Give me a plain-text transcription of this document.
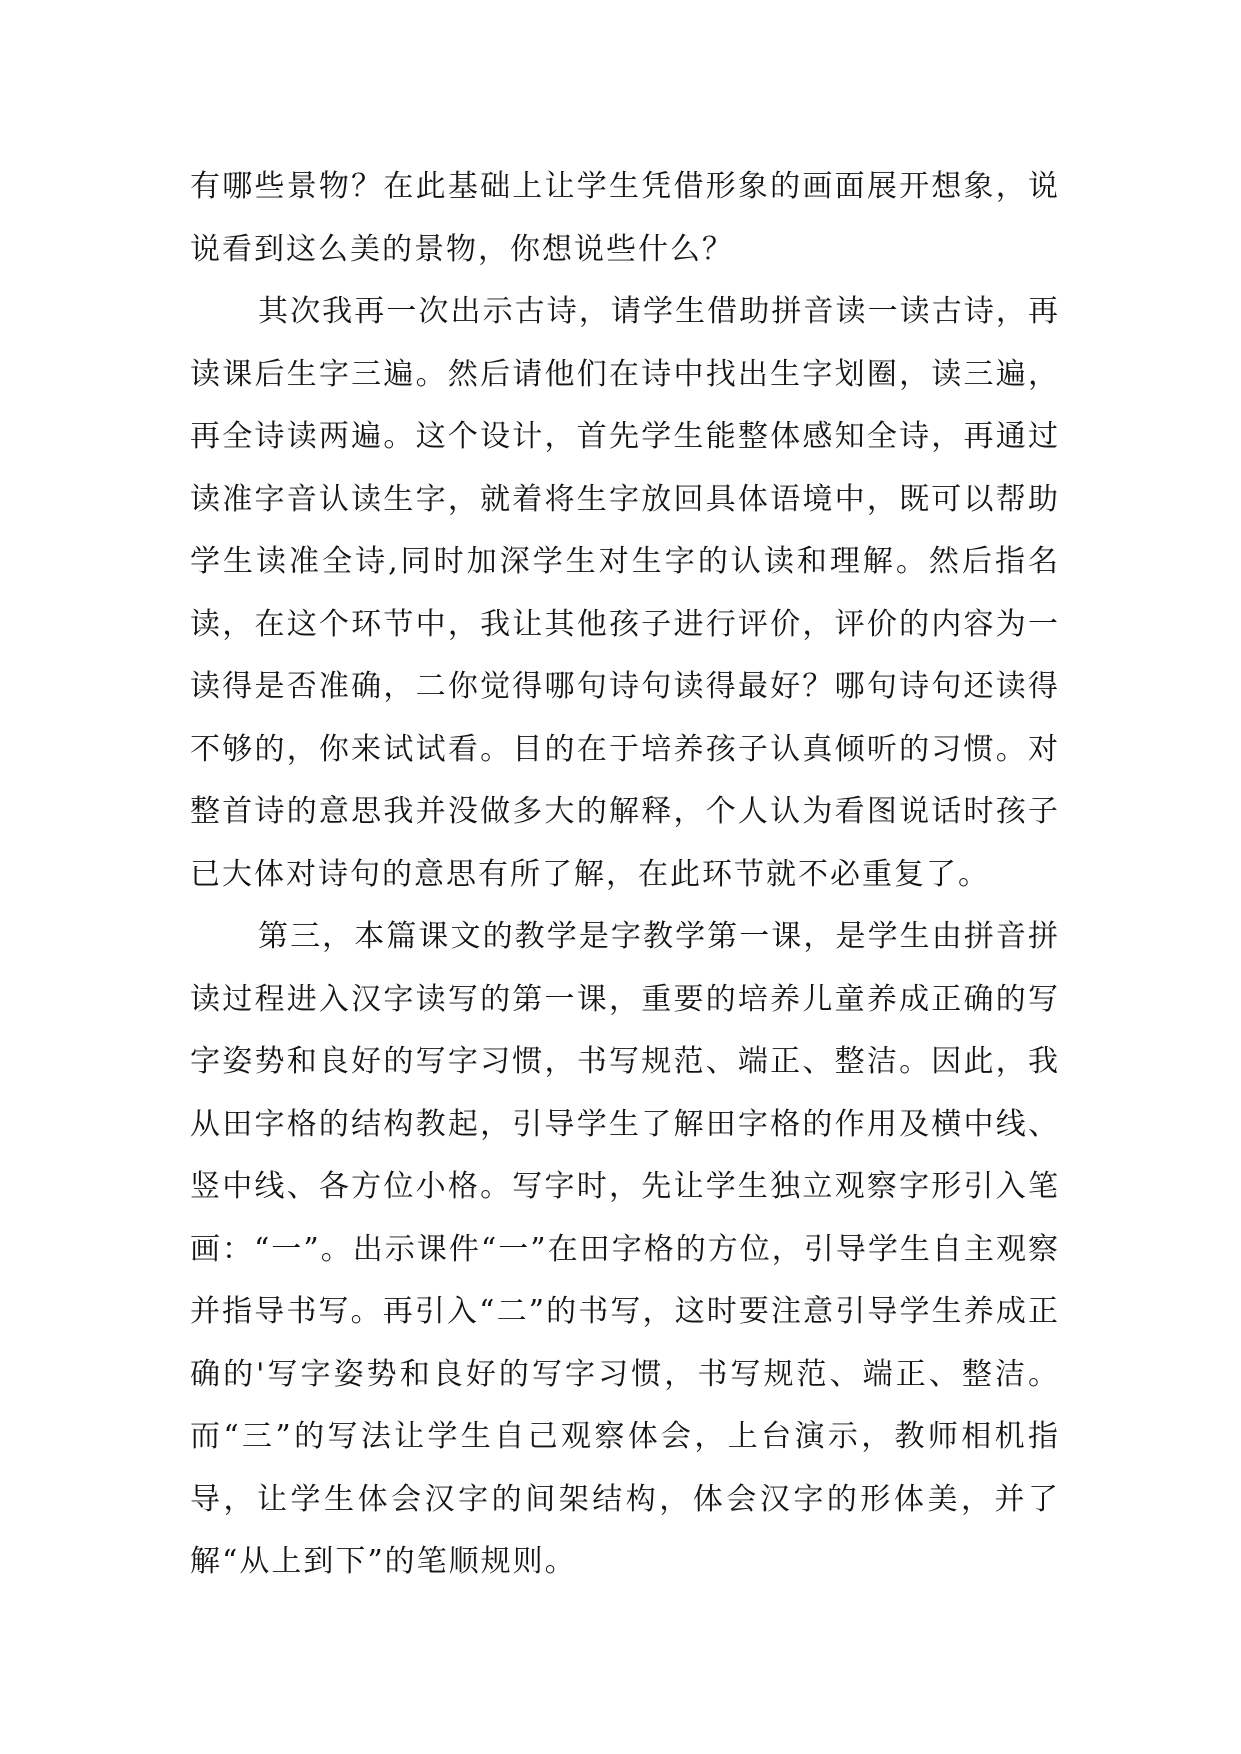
有哪些景物？在此基础上让学生凭借形象的画面展开想象，说说看到这么美的景物，你想说些什么？

其次我再一次出示古诗，请学生借助拼音读一读古诗，再读课后生字三遍。然后请他们在诗中找出生字划圈，读三遍，再全诗读两遍。这个设计，首先学生能整体感知全诗，再通过读准字音认读生字，就着将生字放回具体语境中，既可以帮助学生读准全诗,同时加深学生对生字的认读和理解。然后指名读，在这个环节中，我让其他孩子进行评价，评价的内容为一读得是否准确，二你觉得哪句诗句读得最好？哪句诗句还读得不够的，你来试试看。目的在于培养孩子认真倾听的习惯。对整首诗的意思我并没做多大的解释，个人认为看图说话时孩子已大体对诗句的意思有所了解，在此环节就不必重复了。

第三，本篇课文的教学是字教学第一课，是学生由拼音拼读过程进入汉字读写的第一课，重要的培养儿童养成正确的写字姿势和良好的写字习惯，书写规范、端正、整洁。因此，我从田字格的结构教起，引导学生了解田字格的作用及横中线、竖中线、各方位小格。写字时，先让学生独立观察字形引入笔画：“一”。出示课件“一”在田字格的方位，引导学生自主观察并指导书写。再引入“二”的书写，这时要注意引导学生养成正确的'写字姿势和良好的写字习惯，书写规范、端正、整洁。而“三”的写法让学生自己观察体会，上台演示，教师相机指导，让学生体会汉字的间架结构，体会汉字的形体美，并了解“从上到下”的笔顺规则。
